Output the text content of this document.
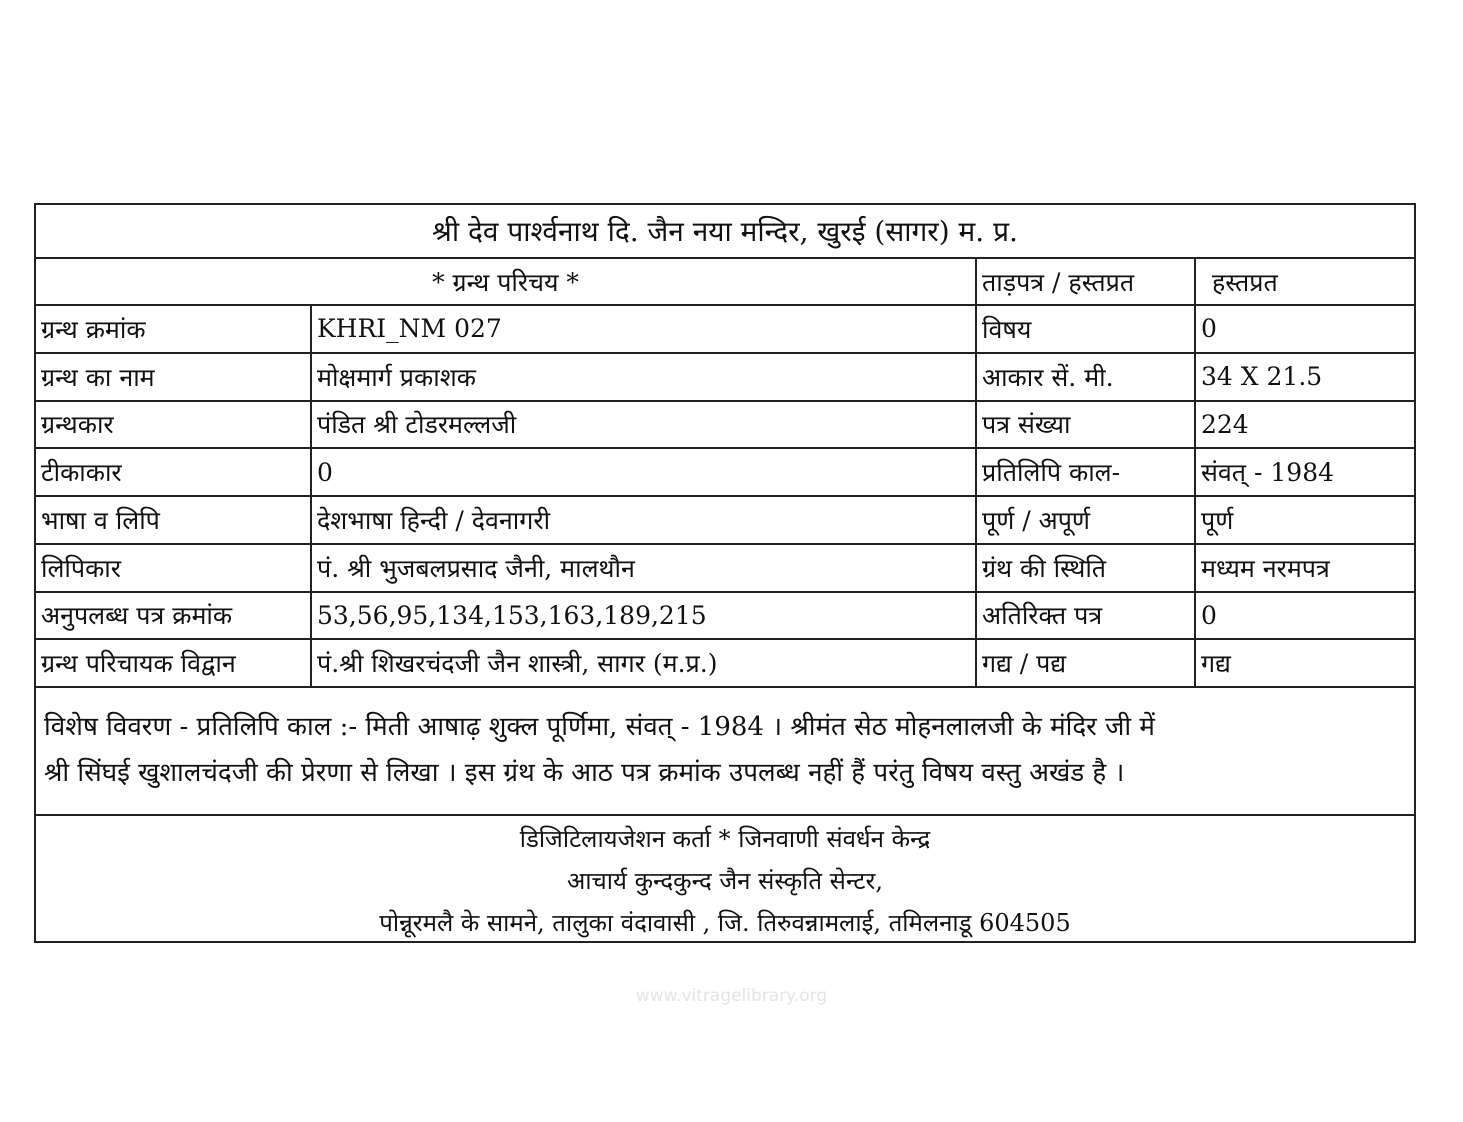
श्री देव पार्श्वनाथ दि. जैन नया मन्दिर, खुरई (सागर) म. प्र.
* ग्रन्थ परिचय *	ताड़पत्र / हस्तप्रत	हस्तप्रत
ग्रन्थ क्रमांक	KHRI_NM 027	विषय	0
ग्रन्थ का नाम	मोक्षमार्ग प्रकाशक	आकार सें. मी.	34 X 21.5
ग्रन्थकार	पंडित श्री टोडरमल्लजी	पत्र संख्या	224
टीकाकार	0	प्रतिलिपि काल-	संवत् - 1984
भाषा व लिपि	देशभाषा हिन्दी / देवनागरी	पूर्ण / अपूर्ण	पूर्ण
लिपिकार	पं. श्री भुजबलप्रसाद जैनी, मालथौन	ग्रंथ की स्थिति	मध्यम नरमपत्र
अनुपलब्ध पत्र क्रमांक	53,56,95,134,153,163,189,215	अतिरिक्त पत्र	0
ग्रन्थ परिचायक विद्वान	पं.श्री शिखरचंदजी जैन शास्त्री, सागर (म.प्र.)	गद्य / पद्य	गद्य
विशेष विवरण - प्रतिलिपि काल :- मिती आषाढ़ शुक्ल पूर्णिमा, संवत् - 1984 । श्रीमंत सेठ मोहनलालजी के मंदिर जी में
श्री सिंघई खुशालचंदजी की प्रेरणा से लिखा । इस ग्रंथ के आठ पत्र क्रमांक उपलब्ध नहीं हैं परंतु विषय वस्तु अखंड है ।
डिजिटिलायजेशन कर्ता * जिनवाणी संवर्धन केन्द्र
आचार्य कुन्दकुन्द जैन संस्कृति सेन्टर,
पोन्नूरमलै के सामने, तालुका वंदावासी , जि. तिरुवन्नामलाई, तमिलनाडू 604505
www.vitragelibrary.org
